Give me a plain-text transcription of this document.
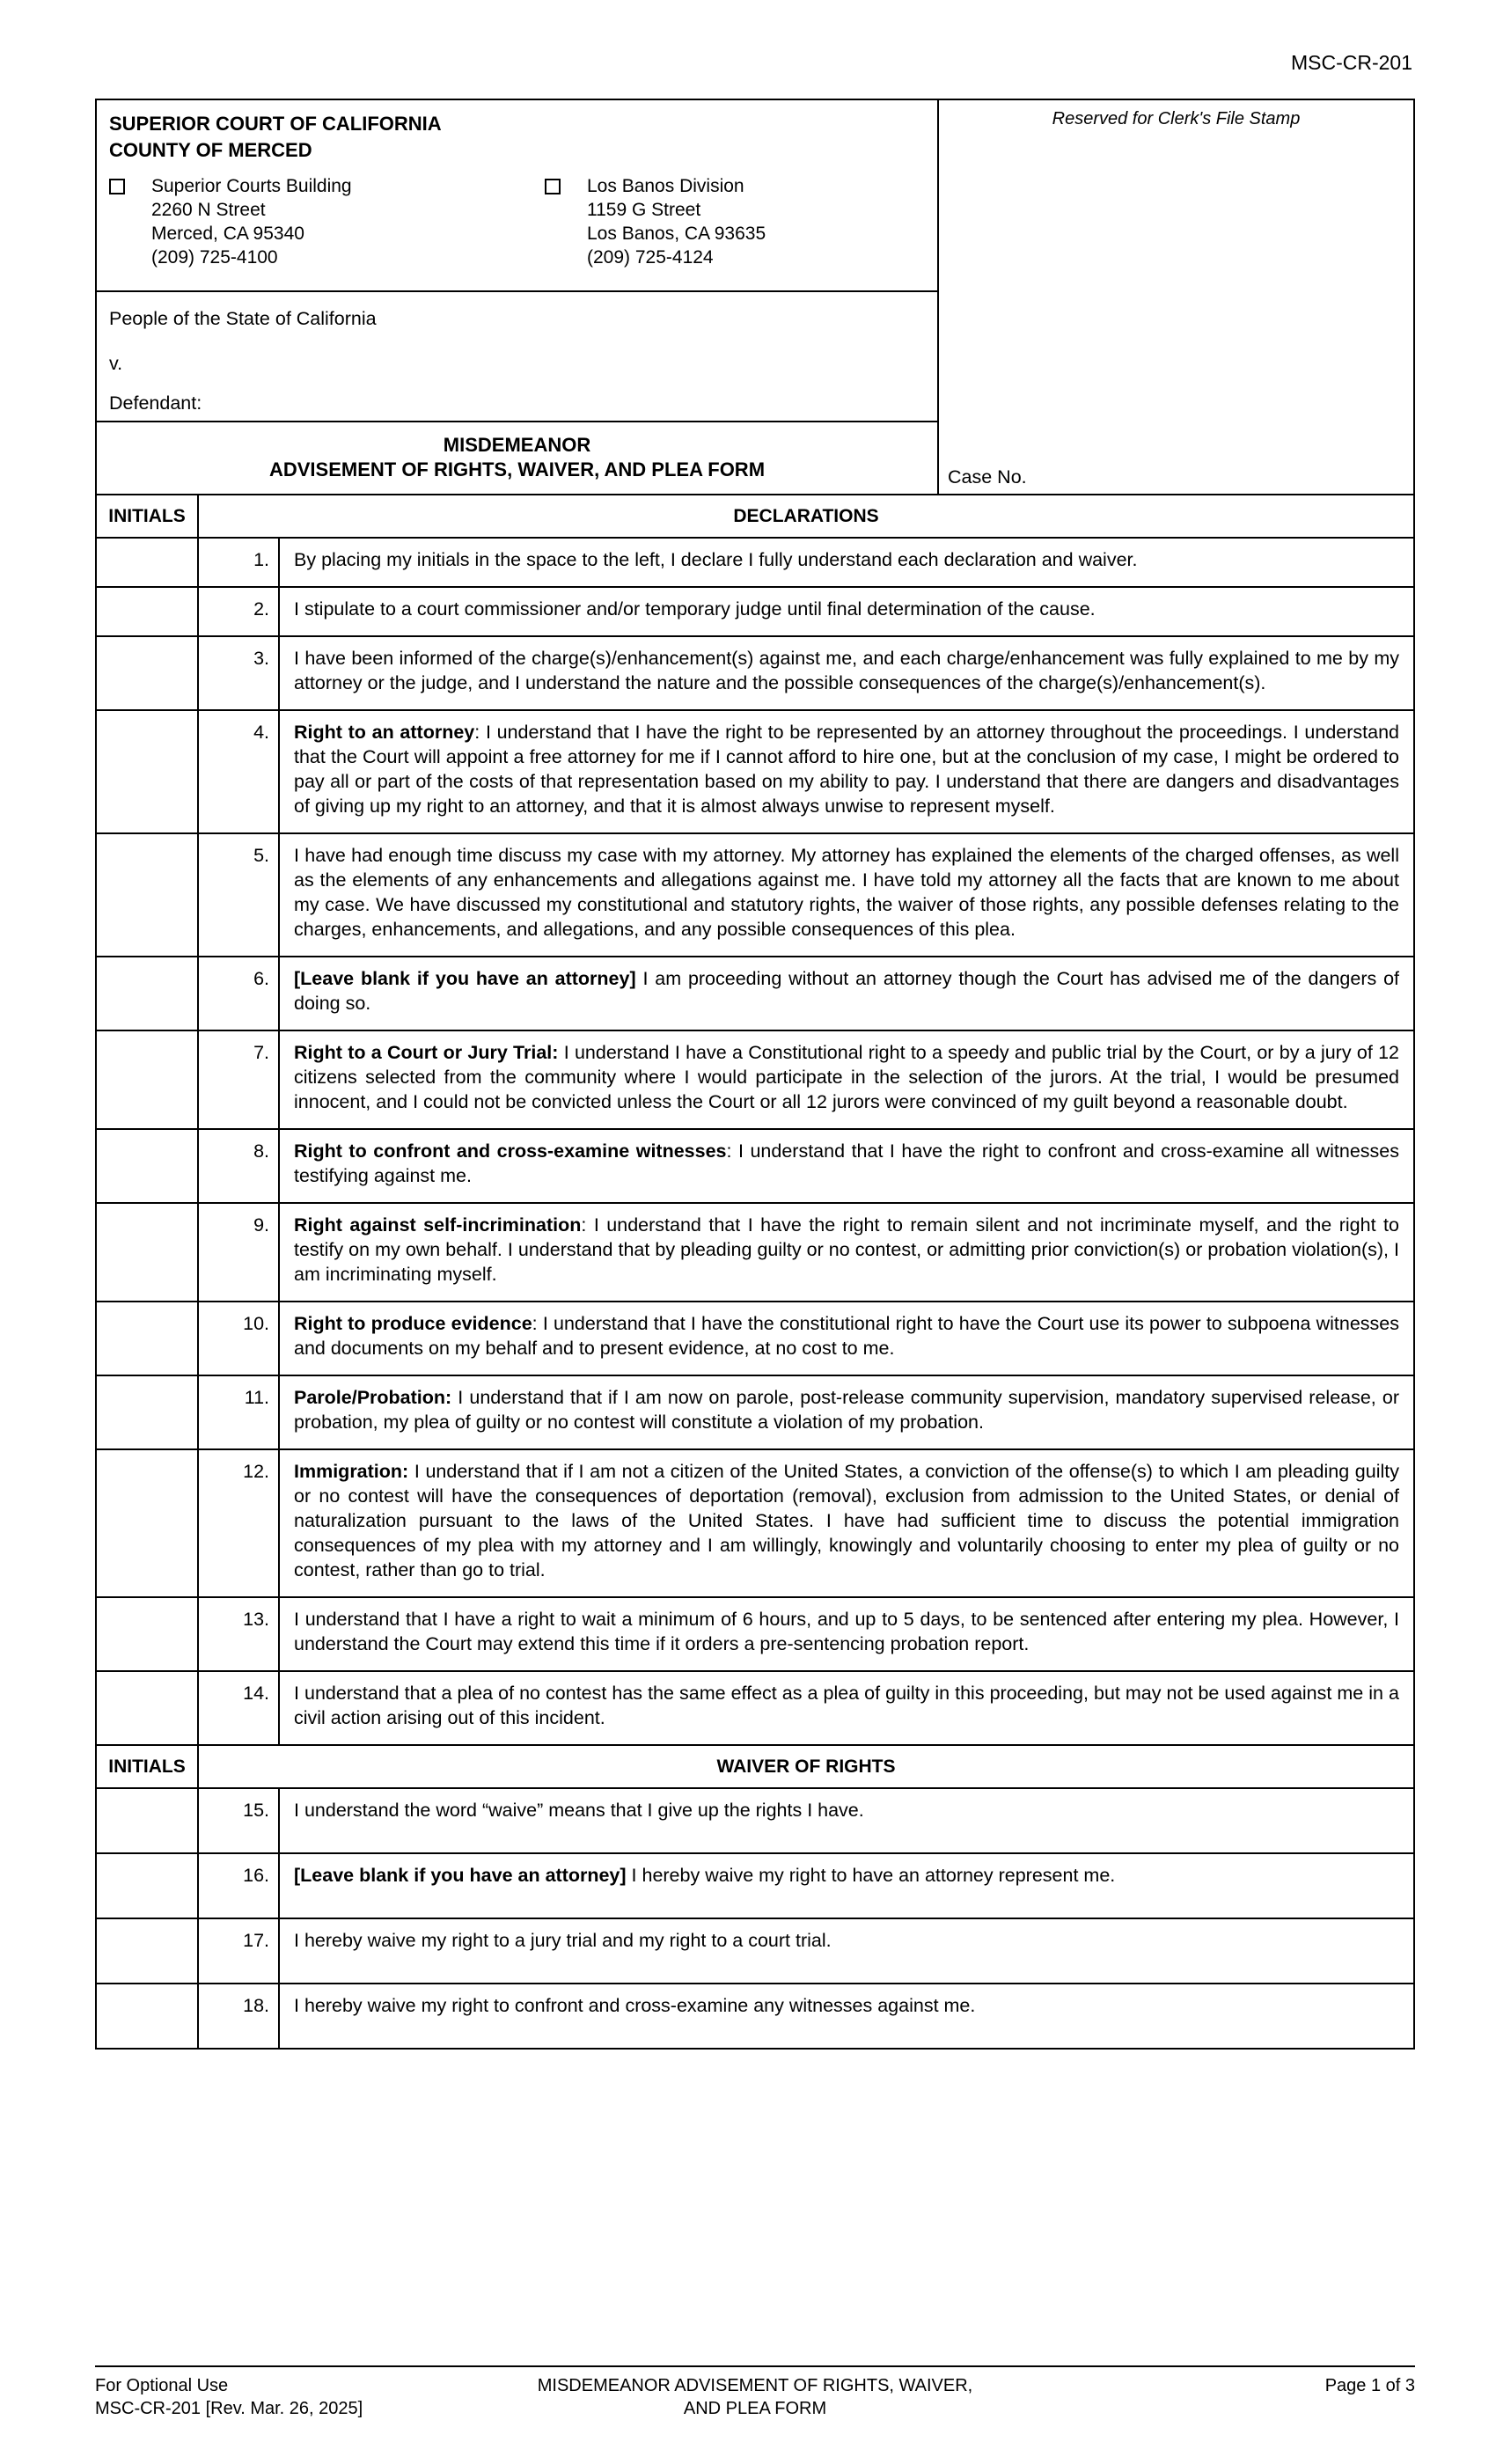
MSC-CR-201
SUPERIOR COURT OF CALIFORNIA
COUNTY OF MERCED
Superior Courts Building
2260 N Street
Merced, CA 95340
(209) 725-4100
Los Banos Division
1159 G Street
Los Banos, CA 93635
(209) 725-4124
People of the State of California
v.
Defendant:
MISDEMEANOR
ADVISEMENT OF RIGHTS, WAIVER, AND PLEA FORM
Reserved for Clerk's File Stamp
Case No.
INITIALS	DECLARATIONS
1.	By placing my initials in the space to the left, I declare I fully understand each declaration and waiver.
2.	I stipulate to a court commissioner and/or temporary judge until final determination of the cause.
3.	I have been informed of the charge(s)/enhancement(s) against me, and each charge/enhancement was fully explained to me by my attorney or the judge, and I understand the nature and the possible consequences of the charge(s)/enhancement(s).
4.	Right to an attorney: I understand that I have the right to be represented by an attorney throughout the proceedings. I understand that the Court will appoint a free attorney for me if I cannot afford to hire one, but at the conclusion of my case, I might be ordered to pay all or part of the costs of that representation based on my ability to pay. I understand that there are dangers and disadvantages of giving up my right to an attorney, and that it is almost always unwise to represent myself.
5.	I have had enough time discuss my case with my attorney. My attorney has explained the elements of the charged offenses, as well as the elements of any enhancements and allegations against me. I have told my attorney all the facts that are known to me about my case. We have discussed my constitutional and statutory rights, the waiver of those rights, any possible defenses relating to the charges, enhancements, and allegations, and any possible consequences of this plea.
6.	[Leave blank if you have an attorney] I am proceeding without an attorney though the Court has advised me of the dangers of doing so.
7.	Right to a Court or Jury Trial: I understand I have a Constitutional right to a speedy and public trial by the Court, or by a jury of 12 citizens selected from the community where I would participate in the selection of the jurors. At the trial, I would be presumed innocent, and I could not be convicted unless the Court or all 12 jurors were convinced of my guilt beyond a reasonable doubt.
8.	Right to confront and cross-examine witnesses: I understand that I have the right to confront and cross-examine all witnesses testifying against me.
9.	Right against self-incrimination: I understand that I have the right to remain silent and not incriminate myself, and the right to testify on my own behalf. I understand that by pleading guilty or no contest, or admitting prior conviction(s) or probation violation(s), I am incriminating myself.
10.	Right to produce evidence: I understand that I have the constitutional right to have the Court use its power to subpoena witnesses and documents on my behalf and to present evidence, at no cost to me.
11.	Parole/Probation: I understand that if I am now on parole, post-release community supervision, mandatory supervised release, or probation, my plea of guilty or no contest will constitute a violation of my probation.
12.	Immigration: I understand that if I am not a citizen of the United States, a conviction of the offense(s) to which I am pleading guilty or no contest will have the consequences of deportation (removal), exclusion from admission to the United States, or denial of naturalization pursuant to the laws of the United States. I have had sufficient time to discuss the potential immigration consequences of my plea with my attorney and I am willingly, knowingly and voluntarily choosing to enter my plea of guilty or no contest, rather than go to trial.
13.	I understand that I have a right to wait a minimum of 6 hours, and up to 5 days, to be sentenced after entering my plea. However, I understand the Court may extend this time if it orders a pre-sentencing probation report.
14.	I understand that a plea of no contest has the same effect as a plea of guilty in this proceeding, but may not be used against me in a civil action arising out of this incident.
INITIALS	WAIVER OF RIGHTS
15.	I understand the word “waive” means that I give up the rights I have.
16.	[Leave blank if you have an attorney] I hereby waive my right to have an attorney represent me.
17.	I hereby waive my right to a jury trial and my right to a court trial.
18.	I hereby waive my right to confront and cross-examine any witnesses against me.
For Optional Use
MSC-CR-201 [Rev. Mar. 26, 2025]
MISDEMEANOR ADVISEMENT OF RIGHTS, WAIVER,
AND PLEA FORM
Page 1 of 3
